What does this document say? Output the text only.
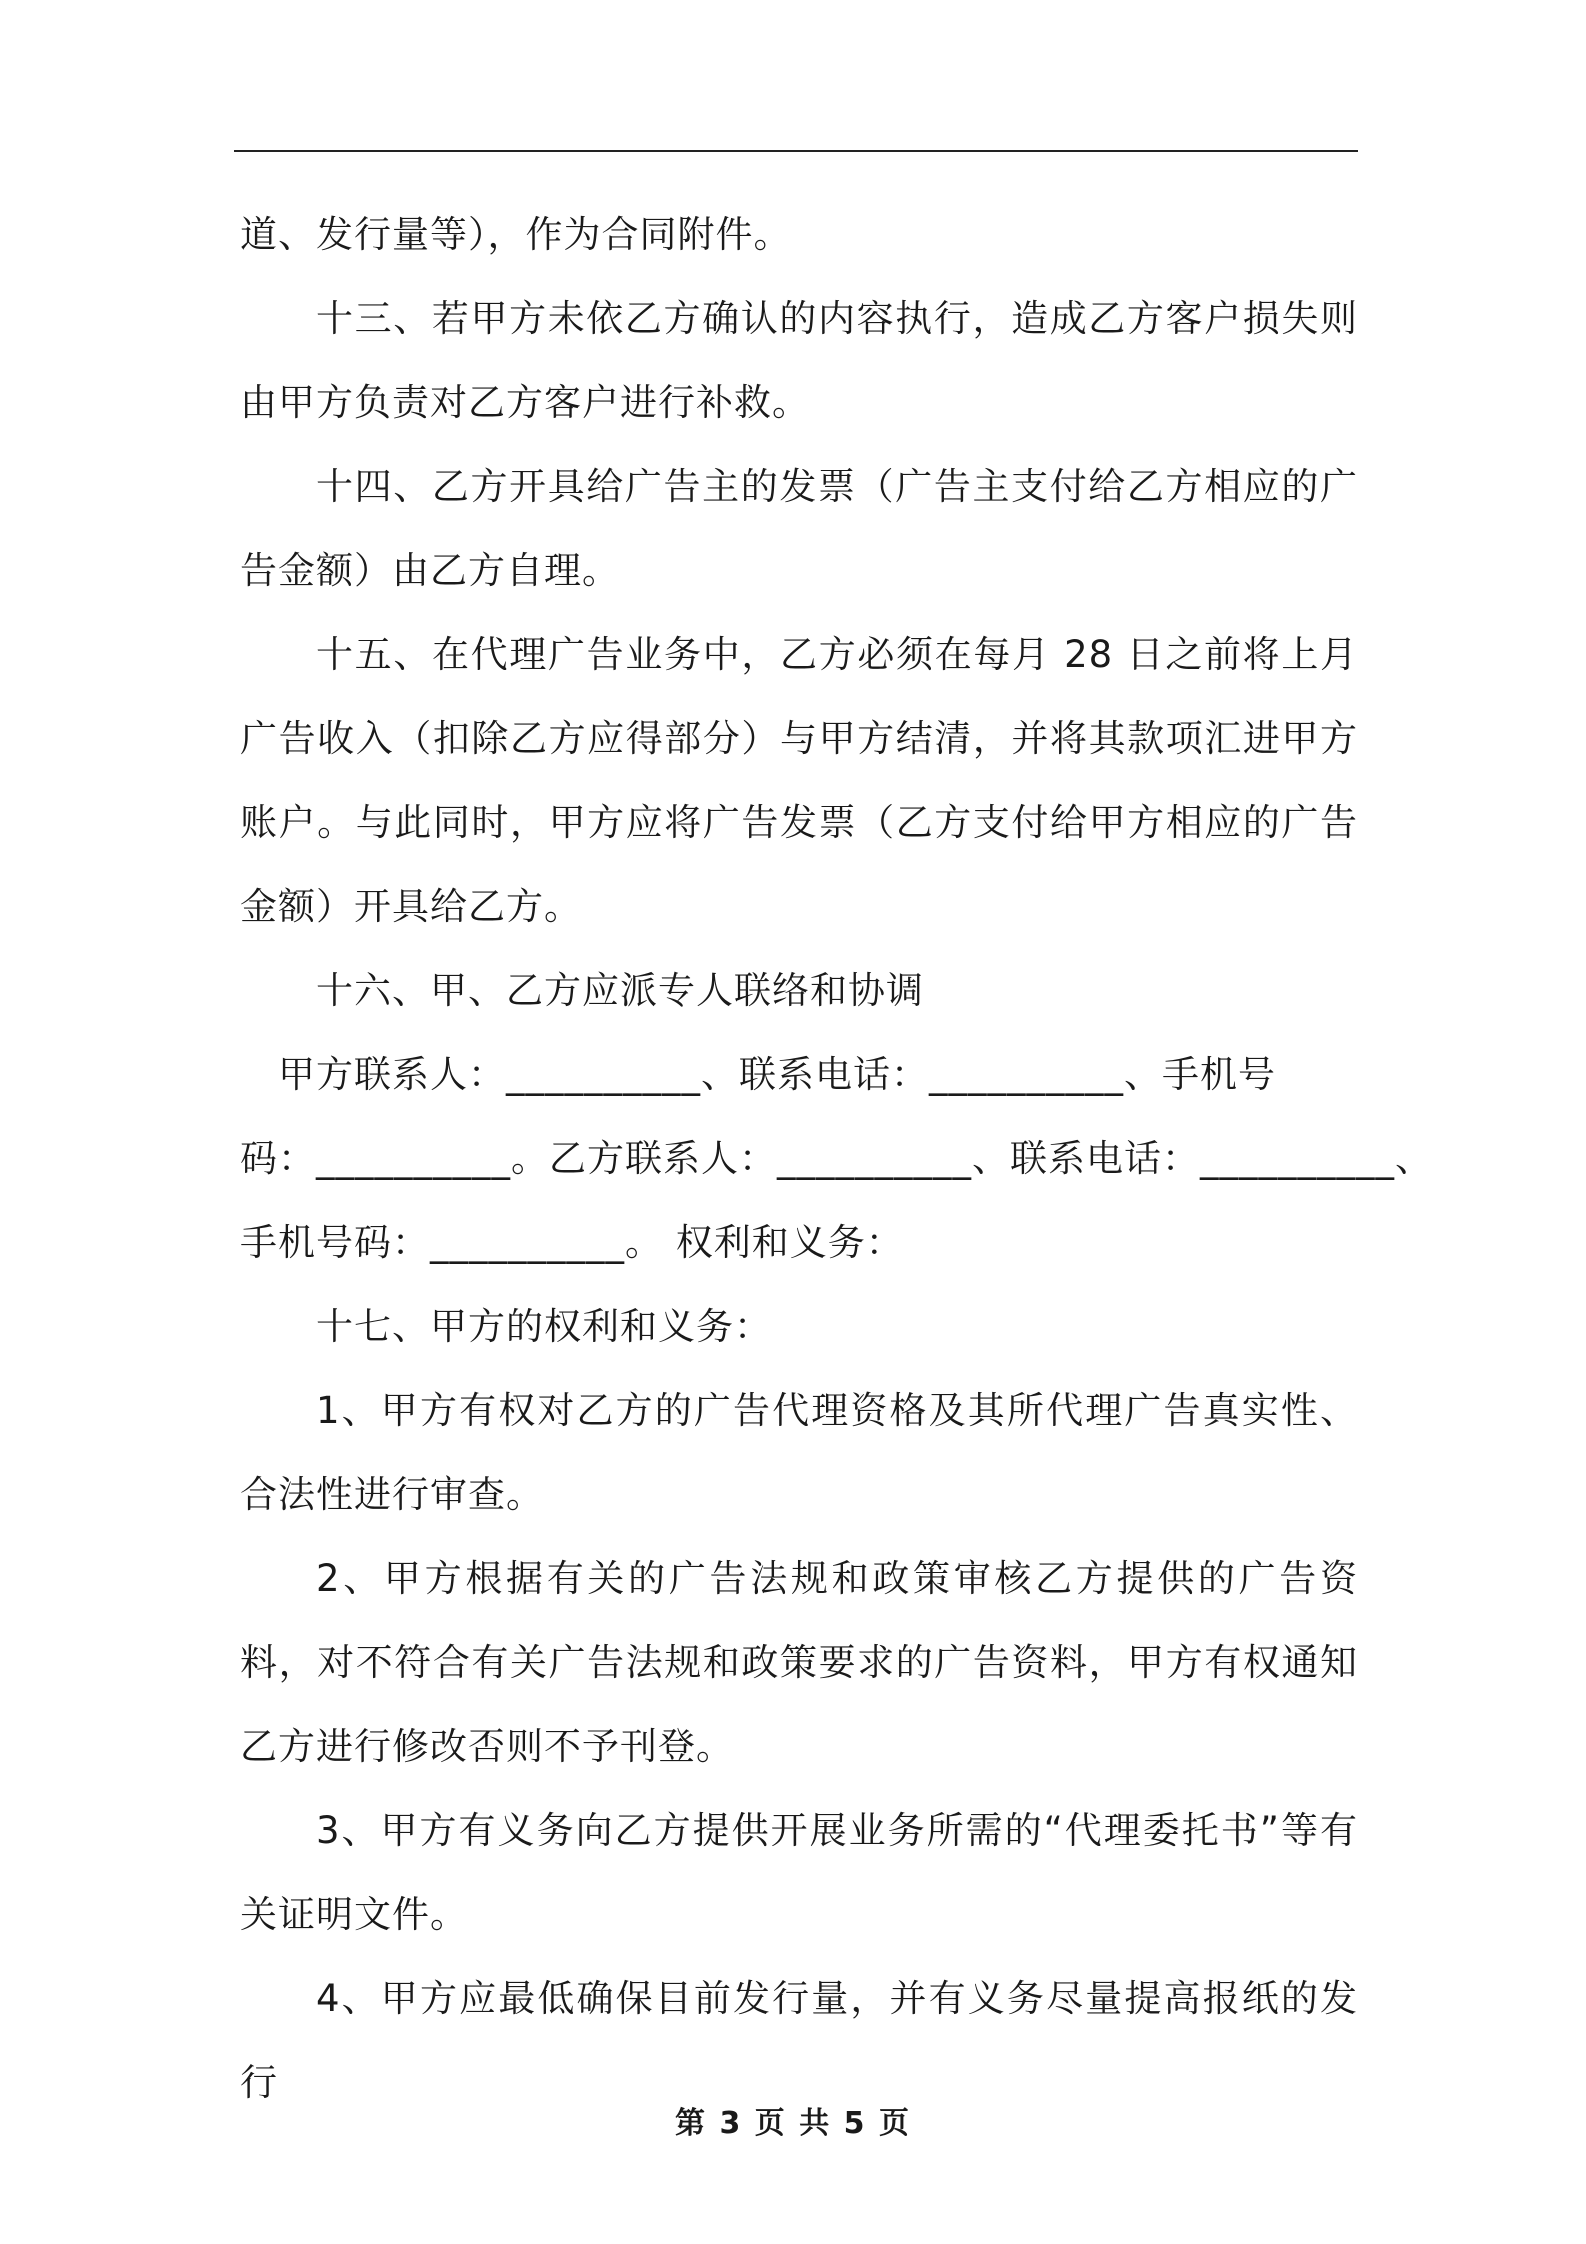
道、发行量等），作为合同附件。

十三、若甲方未依乙方确认的内容执行，造成乙方客户损失则由甲方负责对乙方客户进行补救。

十四、乙方开具给广告主的发票（广告主支付给乙方相应的广告金额）由乙方自理。

十五、在代理广告业务中，乙方必须在每月 28 日之前将上月广告收入（扣除乙方应得部分）与甲方结清，并将其款项汇进甲方账户。与此同时，甲方应将广告发票（乙方支付给甲方相应的广告金额）开具给乙方。

十六、甲、乙方应派专人联络和协调

　甲方联系人：__________、联系电话：__________、手机号

码：__________。乙方联系人：__________、联系电话：__________、

手机号码：__________。 权利和义务：

十七、甲方的权利和义务：

1、甲方有权对乙方的广告代理资格及其所代理广告真实性、合法性进行审查。

2、甲方根据有关的广告法规和政策审核乙方提供的广告资料，对不符合有关广告法规和政策要求的广告资料，甲方有权通知乙方进行修改否则不予刊登。

3、甲方有义务向乙方提供开展业务所需的“代理委托书”等有关证明文件。

4、甲方应最低确保目前发行量，并有义务尽量提高报纸的发行

第 3 页 共 5 页
